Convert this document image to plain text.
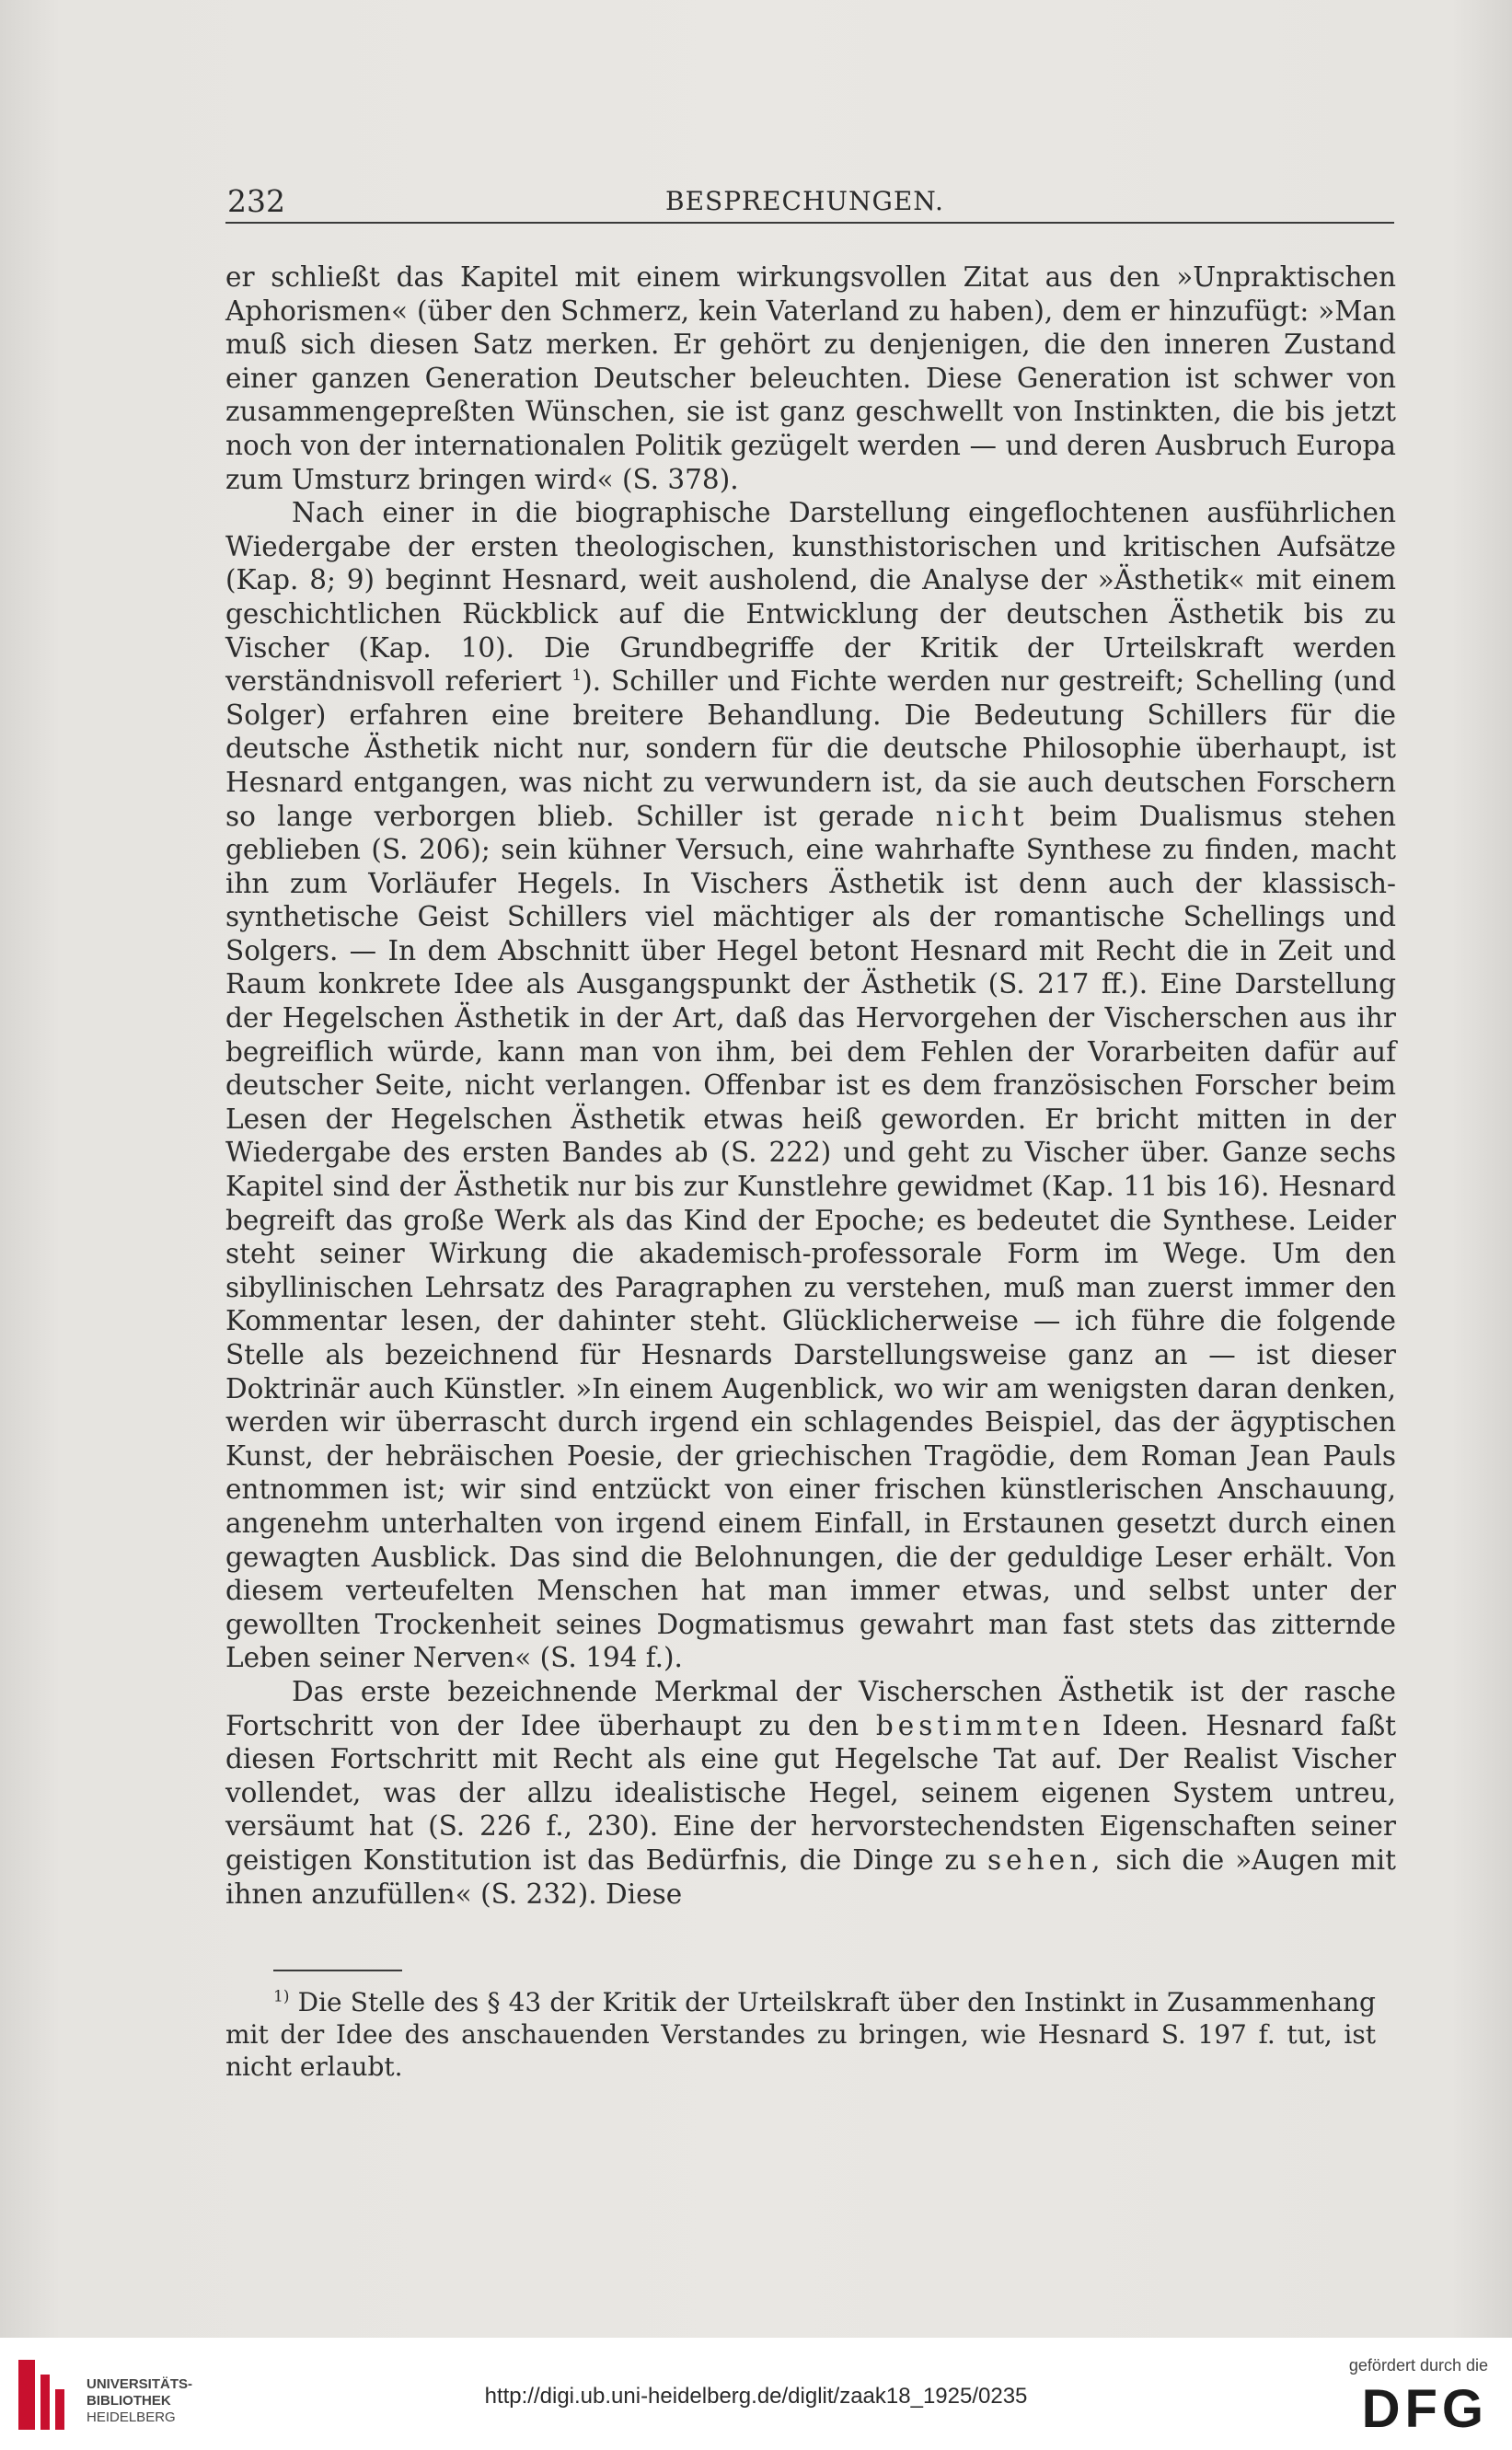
232	BESPRECHUNGEN.

er schließt das Kapitel mit einem wirkungsvollen Zitat aus den »Unpraktischen Aphorismen« (über den Schmerz, kein Vaterland zu haben), dem er hinzufügt: »Man muß sich diesen Satz merken. Er gehört zu denjenigen, die den inneren Zustand einer ganzen Generation Deutscher beleuchten. Diese Generation ist schwer von zusammengepreßten Wünschen, sie ist ganz geschwellt von Instinkten, die bis jetzt noch von der internationalen Politik gezügelt werden — und deren Ausbruch Europa zum Umsturz bringen wird« (S. 378).

Nach einer in die biographische Darstellung eingeflochtenen ausführlichen Wiedergabe der ersten theologischen, kunsthistorischen und kritischen Aufsätze (Kap. 8; 9) beginnt Hesnard, weit ausholend, die Analyse der »Ästhetik« mit einem geschichtlichen Rückblick auf die Entwicklung der deutschen Ästhetik bis zu Vischer (Kap. 10). Die Grundbegriffe der Kritik der Urteilskraft werden verständnisvoll referiert $^1$). Schiller und Fichte werden nur gestreift; Schelling (und Solger) erfahren eine breitere Behandlung. Die Bedeutung Schillers für die deutsche Ästhetik nicht nur, sondern für die deutsche Philosophie überhaupt, ist Hesnard entgangen, was nicht zu verwundern ist, da sie auch deutschen Forschern so lange verborgen blieb. Schiller ist gerade nicht beim Dualismus stehen geblieben (S. 206); sein kühner Versuch, eine wahrhafte Synthese zu finden, macht ihn zum Vorläufer Hegels. In Vischers Ästhetik ist denn auch der klassisch-synthetische Geist Schillers viel mächtiger als der romantische Schellings und Solgers. — In dem Abschnitt über Hegel betont Hesnard mit Recht die in Zeit und Raum konkrete Idee als Ausgangspunkt der Ästhetik (S. 217 ff.). Eine Darstellung der Hegelschen Ästhetik in der Art, daß das Hervorgehen der Vischerschen aus ihr begreiflich würde, kann man von ihm, bei dem Fehlen der Vorarbeiten dafür auf deutscher Seite, nicht verlangen. Offenbar ist es dem französischen Forscher beim Lesen der Hegelschen Ästhetik etwas heiß geworden. Er bricht mitten in der Wiedergabe des ersten Bandes ab (S. 222) und geht zu Vischer über. Ganze sechs Kapitel sind der Ästhetik nur bis zur Kunstlehre gewidmet (Kap. 11 bis 16). Hesnard begreift das große Werk als das Kind der Epoche; es bedeutet die Synthese. Leider steht seiner Wirkung die akademisch-professorale Form im Wege. Um den sibyllinischen Lehrsatz des Paragraphen zu verstehen, muß man zuerst immer den Kommentar lesen, der dahinter steht. Glücklicherweise — ich führe die folgende Stelle als bezeichnend für Hesnards Darstellungsweise ganz an — ist dieser Doktrinär auch Künstler. »In einem Augenblick, wo wir am wenigsten daran denken, werden wir überrascht durch irgend ein schlagendes Beispiel, das der ägyptischen Kunst, der hebräischen Poesie, der griechischen Tragödie, dem Roman Jean Pauls entnommen ist; wir sind entzückt von einer frischen künstlerischen Anschauung, angenehm unterhalten von irgend einem Einfall, in Erstaunen gesetzt durch einen gewagten Ausblick. Das sind die Belohnungen, die der geduldige Leser erhält. Von diesem verteufelten Menschen hat man immer etwas, und selbst unter der gewollten Trockenheit seines Dogmatismus gewahrt man fast stets das zitternde Leben seiner Nerven« (S. 194 f.).

Das erste bezeichnende Merkmal der Vischerschen Ästhetik ist der rasche Fortschritt von der Idee überhaupt zu den bestimmten Ideen. Hesnard faßt diesen Fortschritt mit Recht als eine gut Hegelsche Tat auf. Der Realist Vischer vollendet, was der allzu idealistische Hegel, seinem eigenen System untreu, versäumt hat (S. 226 f., 230). Eine der hervorstechendsten Eigenschaften seiner geistigen Konstitution ist das Bedürfnis, die Dinge zu sehen, sich die »Augen mit ihnen anzufüllen« (S. 232). Diese

$^{1)}$ Die Stelle des § 43 der Kritik der Urteilskraft über den Instinkt in Zusammenhang mit der Idee des anschauenden Verstandes zu bringen, wie Hesnard S. 197 f. tut, ist nicht erlaubt.

UNIVERSITÄTS-
BIBLIOTHEK
HEIDELBERG
http://digi.ub.uni-heidelberg.de/diglit/zaak18_1925/0235
gefördert durch die
DFG
